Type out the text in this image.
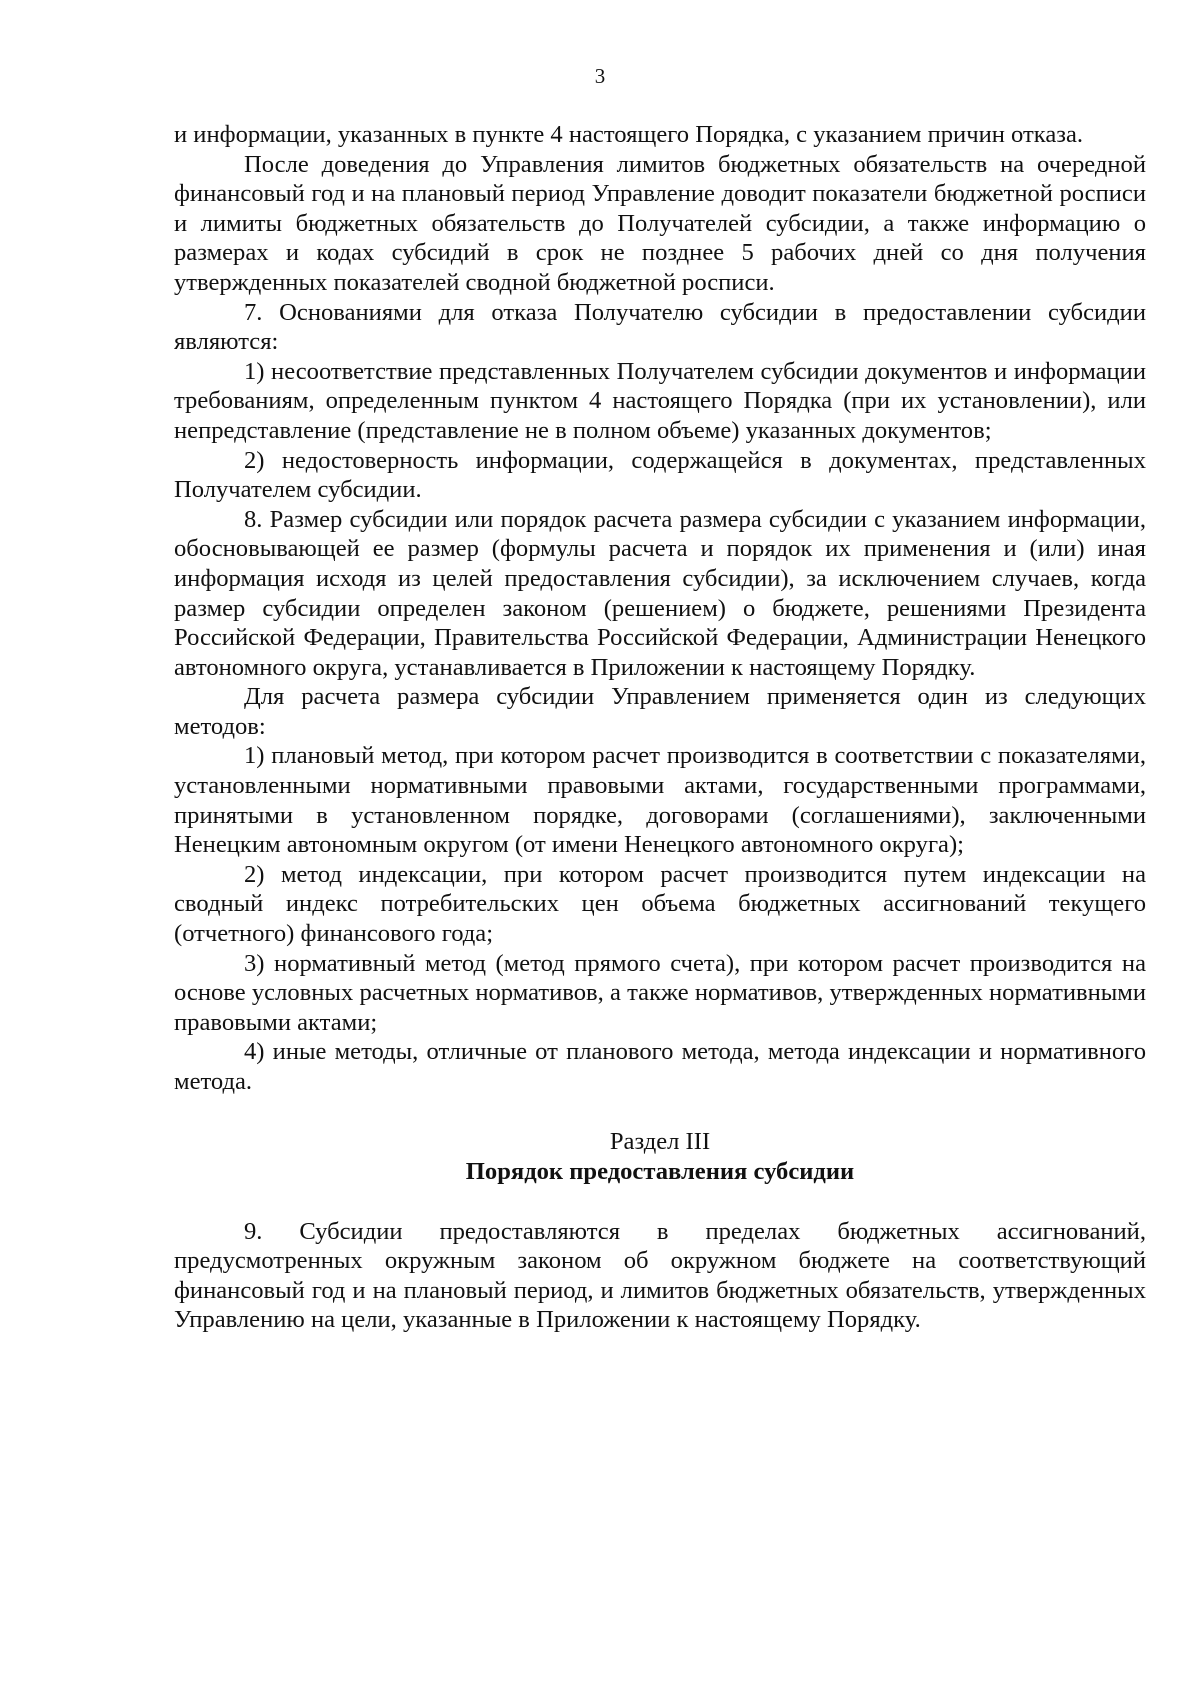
3

и информации, указанных в пункте 4 настоящего Порядка, с указанием причин отказа.

После доведения до Управления лимитов бюджетных обязательств на очередной финансовый год и на плановый период Управление доводит показатели бюджетной росписи и лимиты бюджетных обязательств до Получателей субсидии, а также информацию о размерах и кодах субсидий в срок не позднее 5 рабочих дней со дня получения утвержденных показателей сводной бюджетной росписи.

7. Основаниями для отказа Получателю субсидии в предоставлении субсидии являются:

1) несоответствие представленных Получателем субсидии документов и информации требованиям, определенным пунктом 4 настоящего Порядка (при их установлении), или непредставление (представление не в полном объеме) указанных документов;

2) недостоверность информации, содержащейся в документах, представленных Получателем субсидии.

8. Размер субсидии или порядок расчета размера субсидии с указанием информации, обосновывающей ее размер (формулы расчета и порядок их применения и (или) иная информация исходя из целей предоставления субсидии), за исключением случаев, когда размер субсидии определен законом (решением) о бюджете, решениями Президента Российской Федерации, Правительства Российской Федерации, Администрации Ненецкого автономного округа, устанавливается в Приложении к настоящему Порядку.

Для расчета размера субсидии Управлением применяется один из следующих методов:

1) плановый метод, при котором расчет производится в соответствии с показателями, установленными нормативными правовыми актами, государственными программами, принятыми в установленном порядке, договорами (соглашениями), заключенными Ненецким автономным округом (от имени Ненецкого автономного округа);

2) метод индексации, при котором расчет производится путем индексации на сводный индекс потребительских цен объема бюджетных ассигнований текущего (отчетного) финансового года;

3) нормативный метод (метод прямого счета), при котором расчет производится на основе условных расчетных нормативов, а также нормативов, утвержденных нормативными правовыми актами;

4) иные методы, отличные от планового метода, метода индексации и нормативного метода.

Раздел III
Порядок предоставления субсидии

9. Субсидии предоставляются в пределах бюджетных ассигнований, предусмотренных окружным законом об окружном бюджете на соответствующий финансовый год и на плановый период, и лимитов бюджетных обязательств, утвержденных Управлению на цели, указанные в Приложении к настоящему Порядку.
